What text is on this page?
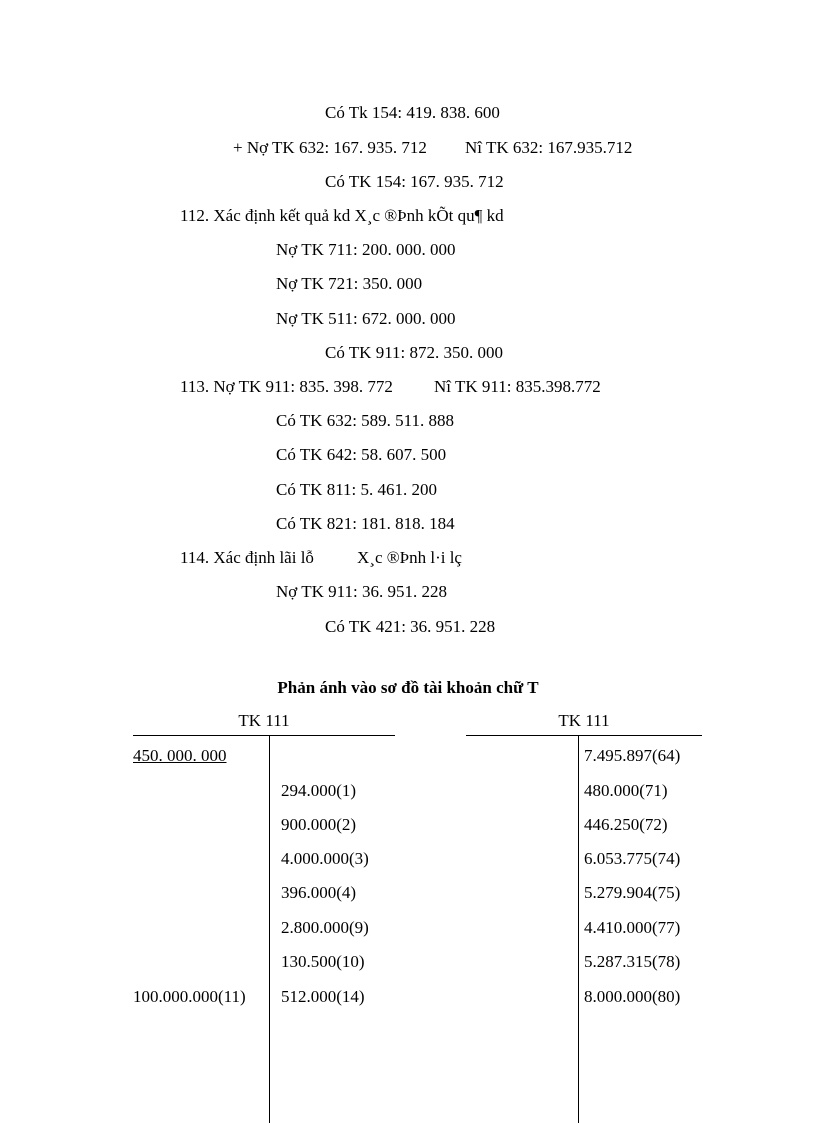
Có Tk 154: 419. 838. 600
+ Nợ TK 632: 167. 935. 712 Nî TK 632: 167.935.712
Có TK 154: 167. 935. 712
112. Xác định kết quả kd X¸c ®Þnh kÕt qu¶ kd
Nợ TK 711: 200. 000. 000
Nợ TK 721: 350. 000
Nợ TK 511: 672. 000. 000
Có TK 911: 872. 350. 000
113. Nợ TK 911: 835. 398. 772 Nî TK 911: 835.398.772
Có TK 632: 589. 511. 888
Có TK 642: 58. 607. 500
Có TK 811: 5. 461. 200
Có TK 821: 181. 818. 184
114. Xác định lãi lỗ	X¸c ®Þnh l·i lç
Nợ TK 911: 36. 951. 228
Có TK 421: 36. 951. 228
Phản ánh vào sơ đồ tài khoản chữ T
TK 111
450. 000. 000
100.000.000(11)
294.000(1)
900.000(2)
4.000.000(3)
396.000(4)
2.800.000(9)
130.500(10)
512.000(14)
TK 111
7.495.897(64)
480.000(71)
446.250(72)
6.053.775(74)
5.279.904(75)
4.410.000(77)
5.287.315(78)
8.000.000(80)
